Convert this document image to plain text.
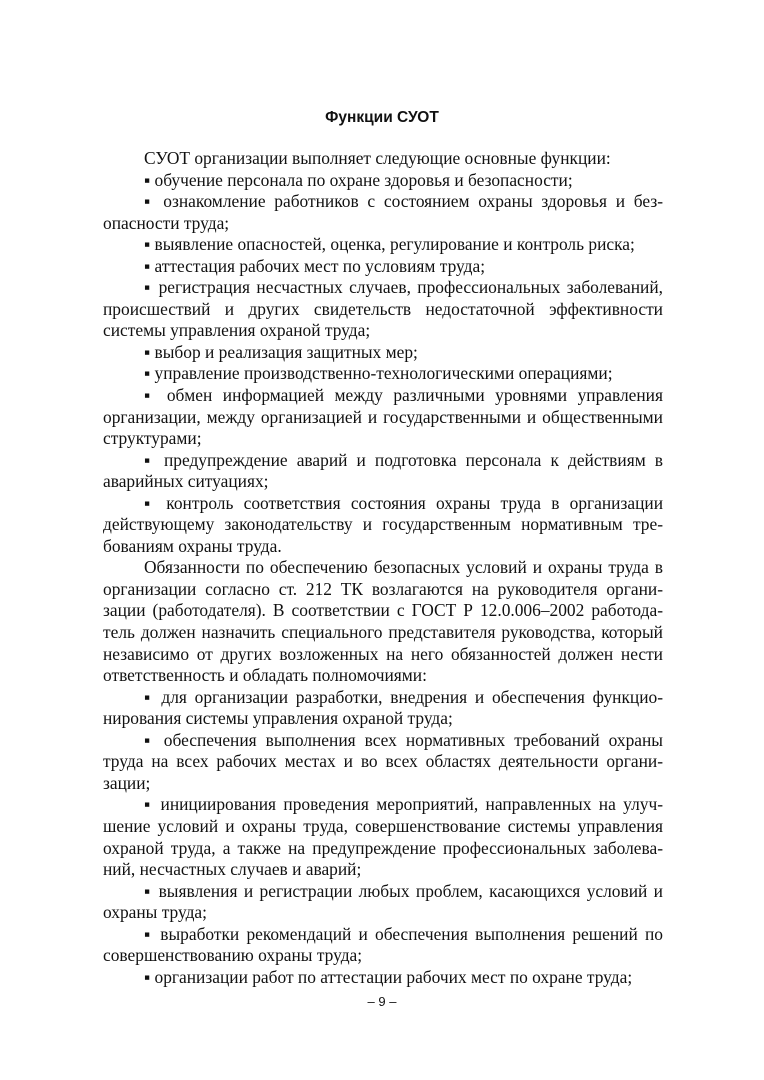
Функции СУОТ

СУОТ организации выполняет следующие основные функции:

▪ обучение персонала по охране здоровья и безопасности;

▪ ознакомление работников с состоянием охраны здоровья и безопасности труда;

▪ выявление опасностей, оценка, регулирование и контроль риска;

▪ аттестация рабочих мест по условиям труда;

▪ регистрация несчастных случаев, профессиональных заболеваний, происшествий и других свидетельств недостаточной эффективности системы управления охраной труда;

▪ выбор и реализация защитных мер;

▪ управление производственно-технологическими операциями;

▪ обмен информацией между различными уровнями управления организации, между организацией и государственными и общественными структурами;

▪ предупреждение аварий и подготовка персонала к действиям в аварийных ситуациях;

▪ контроль соответствия состояния охраны труда в организации действующему законодательству и государственным нормативным требованиям охраны труда.

Обязанности по обеспечению безопасных условий и охраны труда в организации согласно ст. 212 ТК возлагаются на руководителя организации (работодателя). В соответствии с ГОСТ Р 12.0.006–2002 работодатель должен назначить специального представителя руководства, который независимо от других возложенных на него обязанностей должен нести ответственность и обладать полномочиями:

▪ для организации разработки, внедрения и обеспечения функционирования системы управления охраной труда;

▪ обеспечения выполнения всех нормативных требований охраны труда на всех рабочих местах и во всех областях деятельности организации;

▪ инициирования проведения мероприятий, направленных на улучшение условий и охраны труда, совершенствование системы управления охраной труда, а также на предупреждение профессиональных заболеваний, несчастных случаев и аварий;

▪ выявления и регистрации любых проблем, касающихся условий и охраны труда;

▪ выработки рекомендаций и обеспечения выполнения решений по совершенствованию охраны труда;

▪ организации работ по аттестации рабочих мест по охране труда;

– 9 –
